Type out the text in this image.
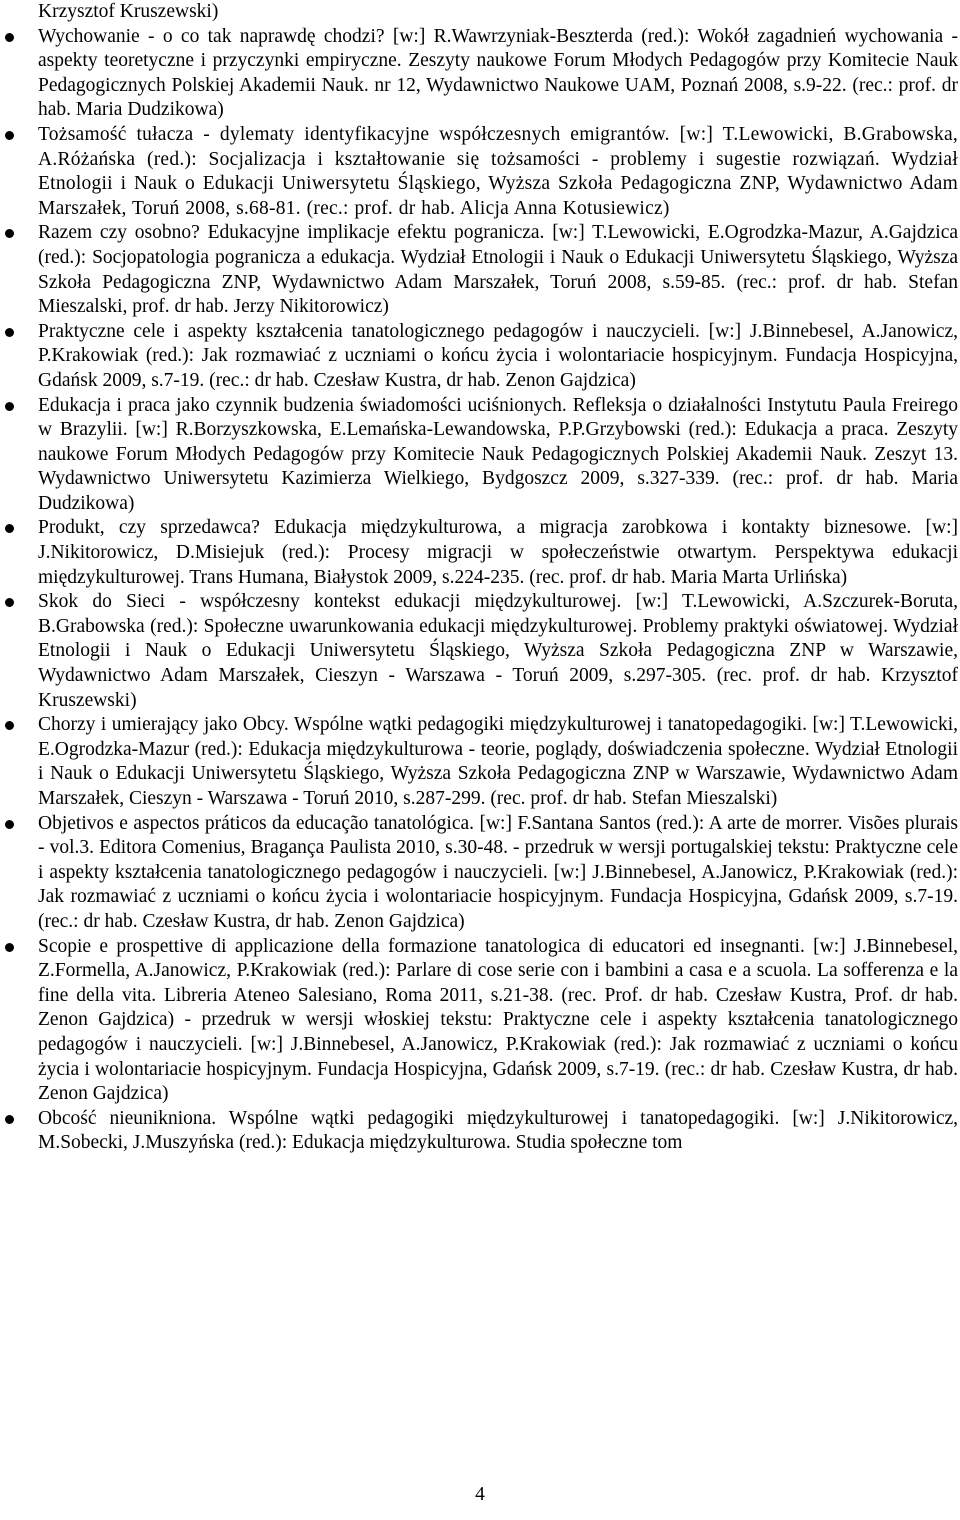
Krzysztof Kruszewski)

Wychowanie - o co tak naprawdę chodzi? [w:] R.Wawrzyniak-Beszterda (red.): Wokół zagadnień wychowania - aspekty teoretyczne i przyczynki empiryczne. Zeszyty naukowe Forum Młodych Pedagogów przy Komitecie Nauk Pedagogicznych Polskiej Akademii Nauk. nr 12, Wydawnictwo Naukowe UAM, Poznań 2008, s.9-22. (rec.: prof. dr hab. Maria Dudzikowa)
Tożsamość tułacza - dylematy identyfikacyjne współczesnych emigrantów. [w:] T.Lewowicki, B.Grabowska, A.Różańska (red.): Socjalizacja i kształtowanie się tożsamości - problemy i sugestie rozwiązań. Wydział Etnologii i Nauk o Edukacji Uniwersytetu Śląskiego, Wyższa Szkoła Pedagogiczna ZNP, Wydawnictwo Adam Marszałek, Toruń 2008, s.68-81. (rec.: prof. dr hab. Alicja Anna Kotusiewicz)
Razem czy osobno? Edukacyjne implikacje efektu pogranicza. [w:] T.Lewowicki, E.Ogrodzka-Mazur, A.Gajdzica (red.): Socjopatologia pogranicza a edukacja. Wydział Etnologii i Nauk o Edukacji Uniwersytetu Śląskiego, Wyższa Szkoła Pedagogiczna ZNP, Wydawnictwo Adam Marszałek, Toruń 2008, s.59-85. (rec.: prof. dr hab. Stefan Mieszalski, prof. dr hab. Jerzy Nikitorowicz)
Praktyczne cele i aspekty kształcenia tanatologicznego pedagogów i nauczycieli. [w:] J.Binnebesel, A.Janowicz, P.Krakowiak (red.): Jak rozmawiać z uczniami o końcu życia i wolontariacie hospicyjnym. Fundacja Hospicyjna, Gdańsk 2009, s.7-19. (rec.: dr hab. Czesław Kustra, dr hab. Zenon Gajdzica)
Edukacja i praca jako czynnik budzenia świadomości uciśnionych. Refleksja o działalności Instytutu Paula Freirego w Brazylii. [w:] R.Borzyszkowska, E.Lemańska-Lewandowska, P.P.Grzybowski (red.): Edukacja a praca. Zeszyty naukowe Forum Młodych Pedagogów przy Komitecie Nauk Pedagogicznych Polskiej Akademii Nauk. Zeszyt 13. Wydawnictwo Uniwersytetu Kazimierza Wielkiego, Bydgoszcz 2009, s.327-339. (rec.: prof. dr hab. Maria Dudzikowa)
Produkt, czy sprzedawca? Edukacja międzykulturowa, a migracja zarobkowa i kontakty biznesowe. [w:] J.Nikitorowicz, D.Misiejuk (red.): Procesy migracji w społeczeństwie otwartym. Perspektywa edukacji międzykulturowej. Trans Humana, Białystok 2009, s.224-235. (rec. prof. dr hab. Maria Marta Urlińska)
Skok do Sieci - współczesny kontekst edukacji międzykulturowej. [w:] T.Lewowicki, A.Szczurek-Boruta, B.Grabowska (red.): Społeczne uwarunkowania edukacji międzykulturowej. Problemy praktyki oświatowej. Wydział Etnologii i Nauk o Edukacji Uniwersytetu Śląskiego, Wyższa Szkoła Pedagogiczna ZNP w Warszawie, Wydawnictwo Adam Marszałek, Cieszyn - Warszawa - Toruń 2009, s.297-305. (rec. prof. dr hab. Krzysztof Kruszewski)
Chorzy i umierający jako Obcy. Wspólne wątki pedagogiki międzykulturowej i tanatopedagogiki. [w:] T.Lewowicki, E.Ogrodzka-Mazur (red.): Edukacja międzykulturowa - teorie, poglądy, doświadczenia społeczne. Wydział Etnologii i Nauk o Edukacji Uniwersytetu Śląskiego, Wyższa Szkoła Pedagogiczna ZNP w Warszawie, Wydawnictwo Adam Marszałek, Cieszyn - Warszawa - Toruń 2010, s.287-299. (rec. prof. dr hab. Stefan Mieszalski)
Objetivos e aspectos práticos da educação tanatológica. [w:] F.Santana Santos (red.): A arte de morrer. Visões plurais - vol.3. Editora Comenius, Bragança Paulista 2010, s.30-48. - przedruk w wersji portugalskiej tekstu: Praktyczne cele i aspekty kształcenia tanatologicznego pedagogów i nauczycieli. [w:] J.Binnebesel, A.Janowicz, P.Krakowiak (red.): Jak rozmawiać z uczniami o końcu życia i wolontariacie hospicyjnym. Fundacja Hospicyjna, Gdańsk 2009, s.7-19. (rec.: dr hab. Czesław Kustra, dr hab. Zenon Gajdzica)
Scopie e prospettive di applicazione della formazione tanatologica di educatori ed insegnanti. [w:] J.Binnebesel, Z.Formella, A.Janowicz, P.Krakowiak (red.): Parlare di cose serie con i bambini a casa e a scuola. La sofferenza e la fine della vita. Libreria Ateneo Salesiano, Roma 2011, s.21-38. (rec. Prof. dr hab. Czesław Kustra, Prof. dr hab. Zenon Gajdzica) - przedruk w wersji włoskiej tekstu: Praktyczne cele i aspekty kształcenia tanatologicznego pedagogów i nauczycieli. [w:] J.Binnebesel, A.Janowicz, P.Krakowiak (red.): Jak rozmawiać z uczniami o końcu życia i wolontariacie hospicyjnym. Fundacja Hospicyjna, Gdańsk 2009, s.7-19. (rec.: dr hab. Czesław Kustra, dr hab. Zenon Gajdzica)
Obcość nieunikniona. Wspólne wątki pedagogiki międzykulturowej i tanatopedagogiki. [w:] J.Nikitorowicz, M.Sobecki, J.Muszyńska (red.): Edukacja międzykulturowa. Studia społeczne tom
4
